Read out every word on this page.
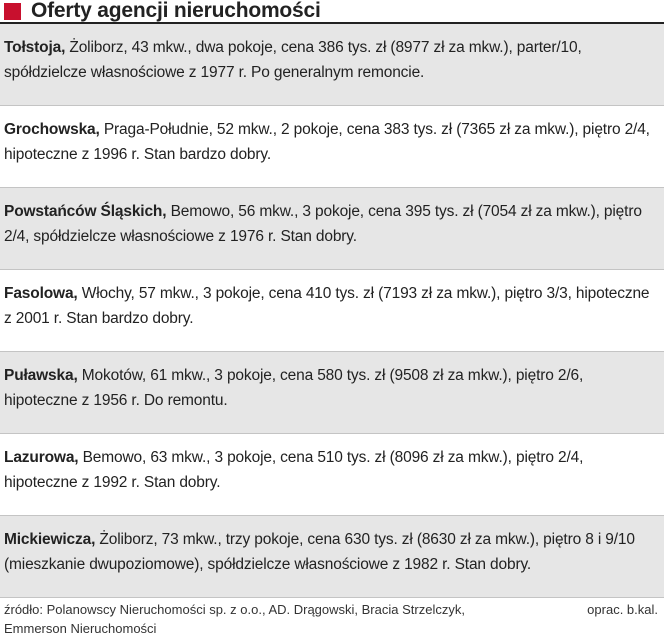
Oferty agencji nieruchomości
Tołstoja, Żoliborz, 43 mkw., dwa pokoje, cena 386 tys. zł (8977 zł za mkw.), parter/10, spółdzielcze własnościowe z 1977 r. Po generalnym remoncie.
Grochowska, Praga-Południe, 52 mkw., 2 pokoje, cena 383 tys. zł (7365 zł za mkw.), piętro 2/4, hipoteczne z 1996 r. Stan bardzo dobry.
Powstańców Śląskich, Bemowo, 56 mkw., 3 pokoje, cena 395 tys. zł (7054 zł za mkw.), piętro 2/4, spółdzielcze własnościowe z 1976 r. Stan dobry.
Fasolowa, Włochy, 57 mkw., 3 pokoje, cena 410 tys. zł (7193 zł za mkw.), piętro 3/3, hipoteczne z 2001 r. Stan bardzo dobry.
Puławska, Mokotów, 61 mkw., 3 pokoje, cena 580 tys. zł (9508 zł za mkw.), piętro 2/6, hipoteczne z 1956 r. Do remontu.
Lazurowa, Bemowo, 63 mkw., 3 pokoje, cena 510 tys. zł (8096 zł za mkw.), piętro 2/4, hipoteczne z 1992 r. Stan dobry.
Mickiewicza, Żoliborz, 73 mkw., trzy pokoje, cena 630 tys. zł (8630 zł za mkw.), piętro 8 i 9/10 (mieszkanie dwupoziomowe), spółdzielcze własnościowe z 1982 r. Stan dobry.
źródło: Polanowscy Nieruchomości sp. z o.o., AD. Drągowski, Bracia Strzelczyk, Emmerson Nieruchomości
oprac. b.kal.
